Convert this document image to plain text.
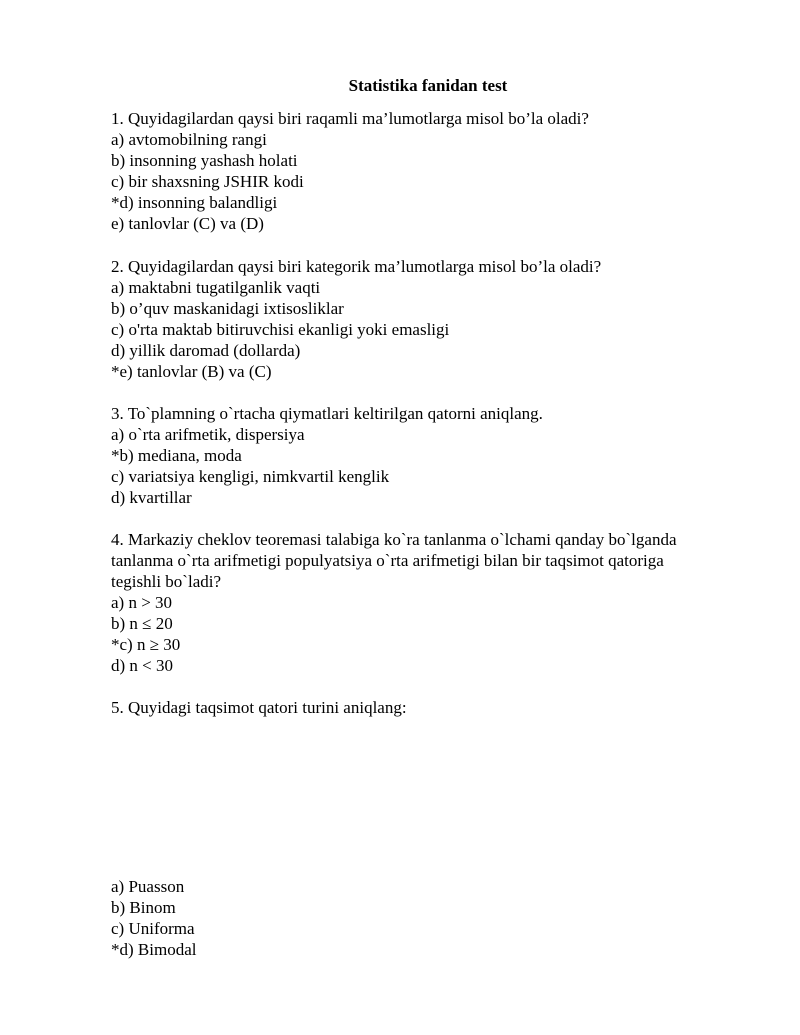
Statistika fanidan test
1. Quyidagilardan qaysi biri raqamli ma’lumotlarga misol bo’la oladi?
a) avtomobilning rangi
b) insonning yashash holati
c) bir shaxsning JSHIR kodi
*d) insonning balandligi
e) tanlovlar (C) va (D)
2. Quyidagilardan qaysi biri kategorik ma’lumotlarga misol bo’la oladi?
a) maktabni tugatilganlik vaqti
b) o’quv maskanidagi ixtisosliklar
c) o'rta maktab bitiruvchisi ekanligi yoki emasligi
d) yillik daromad (dollarda)
*e) tanlovlar (B) va (C)
3. To`plamning o`rtacha qiymatlari keltirilgan qatorni aniqlang.
a) o`rta arifmetik, dispersiya
*b) mediana, moda
c) variatsiya kengligi, nimkvartil kenglik
d) kvartillar
4. Markaziy cheklov teoremasi talabiga ko`ra tanlanma o`lchami qanday bo`lganda
tanlanma o`rta arifmetigi populyatsiya o`rta arifmetigi bilan bir taqsimot qatoriga
tegishli bo`ladi?
a) n > 30
b) n ≤ 20
*c) n ≥ 30
d) n < 30
5. Quyidagi taqsimot qatori turini aniqlang:
a) Puasson
b) Binom
c) Uniforma
*d) Bimodal
